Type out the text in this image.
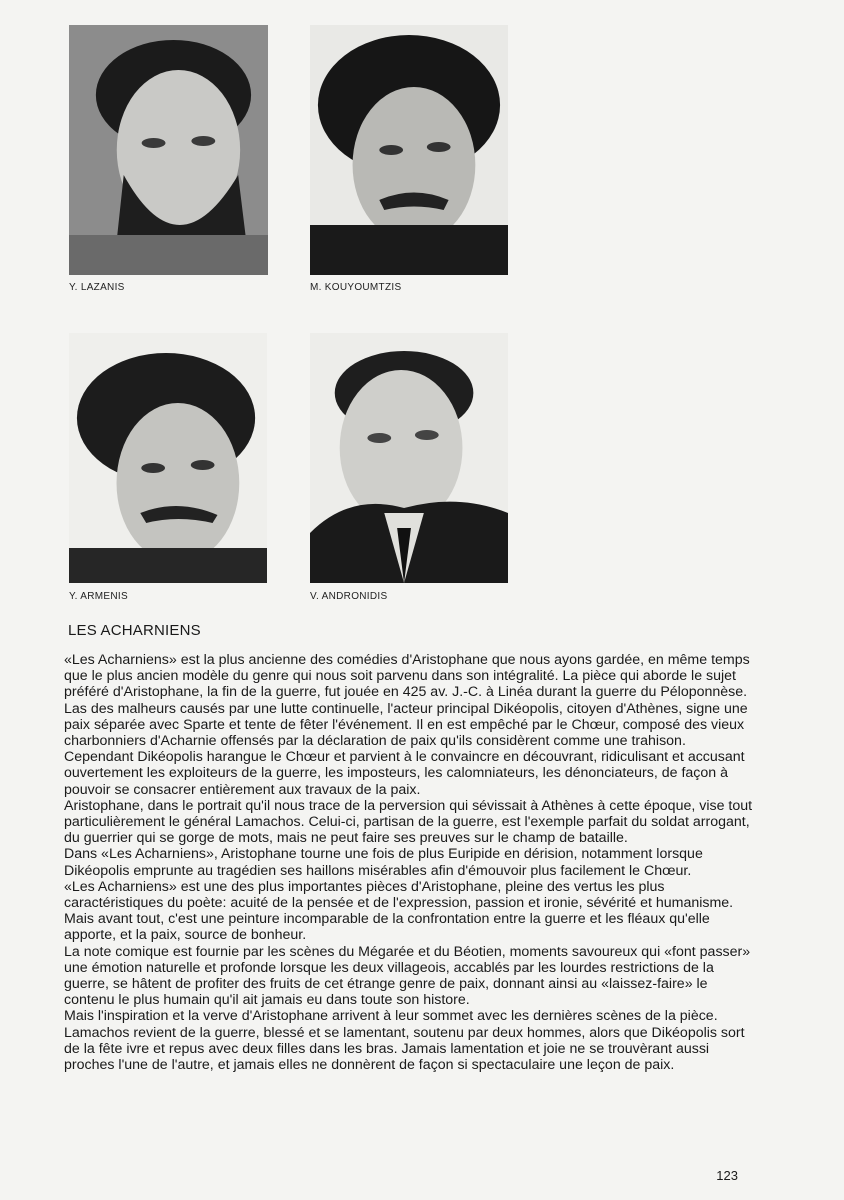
Y. LAZANIS	M. KOUYOUMTZIS
Y. ARMENIS	V. ANDRONIDIS
LES ACHARNIENS

«Les Acharniens» est la plus ancienne des comédies d'Aristophane que nous ayons gardée, en même temps que le plus ancien modèle du genre qui nous soit parvenu dans son intégralité. La pièce qui aborde le sujet préféré d'Aristophane, la fin de la guerre, fut jouée en 425 av. J.-C. à Linéa durant la guerre du Péloponnèse.

Las des malheurs causés par une lutte continuelle, l'acteur principal Dikéopolis, citoyen d'Athènes, signe une paix séparée avec Sparte et tente de fêter l'événement. Il en est empêché par le Chœur, composé des vieux charbonniers d'Acharnie offensés par la déclaration de paix qu'ils considèrent comme une trahison. Cependant Dikéopolis harangue le Chœur et parvient à le convaincre en découvrant, ridiculisant et accusant ouvertement les exploiteurs de la guerre, les imposteurs, les calomniateurs, les dénonciateurs, de façon à pouvoir se consacrer entièrement aux travaux de la paix.

Aristophane, dans le portrait qu'il nous trace de la perversion qui sévissait à Athènes à cette époque, vise tout particulièrement le général Lamachos. Celui-ci, partisan de la guerre, est l'exemple parfait du soldat arrogant, du guerrier qui se gorge de mots, mais ne peut faire ses preuves sur le champ de bataille.

Dans «Les Acharniens», Aristophane tourne une fois de plus Euripide en dérision, notamment lorsque Dikéopolis emprunte au tragédien ses haillons misérables afin d'émouvoir plus facilement le Chœur.

«Les Acharniens» est une des plus importantes pièces d'Aristophane, pleine des vertus les plus caractéristiques du poète: acuité de la pensée et de l'expression, passion et ironie, sévérité et humanisme. Mais avant tout, c'est une peinture incomparable de la confrontation entre la guerre et les fléaux qu'elle apporte, et la paix, source de bonheur.

La note comique est fournie par les scènes du Mégarée et du Béotien, moments savoureux qui «font passer» une émotion naturelle et profonde lorsque les deux villageois, accablés par les lourdes restrictions de la guerre, se hâtent de profiter des fruits de cet étrange genre de paix, donnant ainsi au «laissez-faire» le contenu le plus humain qu'il ait jamais eu dans toute son histore.

Mais l'inspiration et la verve d'Aristophane arrivent à leur sommet avec les dernières scènes de la pièce. Lamachos revient de la guerre, blessé et se lamentant, soutenu par deux hommes, alors que Dikéopolis sort de la fête ivre et repus avec deux filles dans les bras. Jamais lamentation et joie ne se trouvèrant aussi proches l'une de l'autre, et jamais elles ne donnèrent de façon si spectaculaire une leçon de paix.

123
